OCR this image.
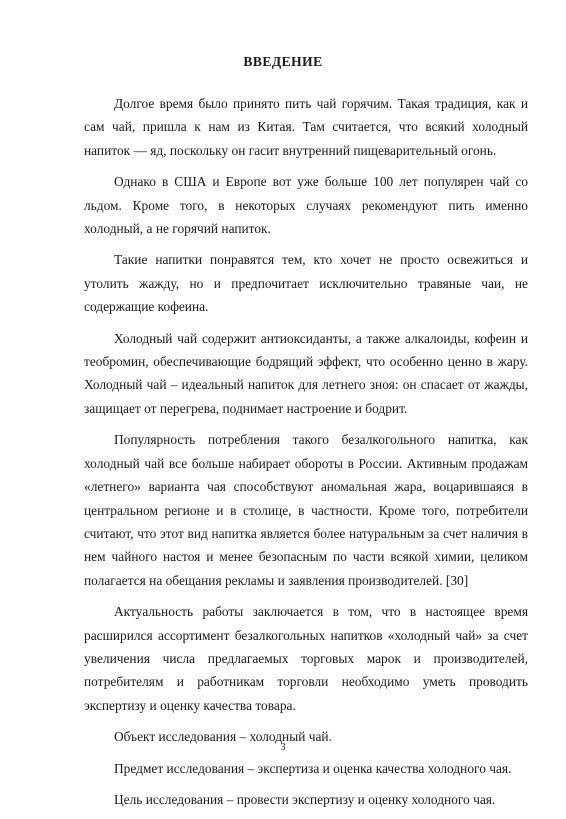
ВВЕДЕНИЕ

Долгое время было принято пить чай горячим. Такая традиция, как и сам чай, пришла к нам из Китая. Там считается, что всякий холодный напиток — яд, поскольку он гасит внутренний пищеварительный огонь.

Однако в США и Европе вот уже больше 100 лет популярен чай со льдом. Кроме того, в некоторых случаях рекомендуют пить именно холодный, а не горячий напиток.

Такие напитки понравятся тем, кто хочет не просто освежиться и утолить жажду, но и предпочитает исключительно травяные чаи, не содержащие кофеина.

Холодный чай содержит антиоксиданты, а также алкалоиды, кофеин и теобромин, обеспечивающие бодрящий эффект, что особенно ценно в жару. Холодный чай – идеальный напиток для летнего зноя: он спасает от жажды, защищает от перегрева, поднимает настроение и бодрит.

Популярность потребления такого безалкогольного напитка, как холодный чай все больше набирает обороты в России. Активным продажам «летнего» варианта чая способствуют аномальная жара, воцарившаяся в центральном регионе и в столице, в частности. Кроме того, потребители считают, что этот вид напитка является более натуральным за счет наличия в нем чайного настоя и менее безопасным по части всякой химии, целиком полагается на обещания рекламы и заявления производителей. [30]

Актуальность работы заключается в том, что в настоящее время расширился ассортимент безалкогольных напитков «холодный чай» за счет увеличения числа предлагаемых торговых марок и производителей, потребителям и работникам торговли необходимо уметь проводить экспертизу и оценку качества товара.

Объект исследования – холодный чай.

Предмет исследования – экспертиза и оценка качества холодного чая.

Цель исследования – провести экспертизу и оценку холодного чая.

3
